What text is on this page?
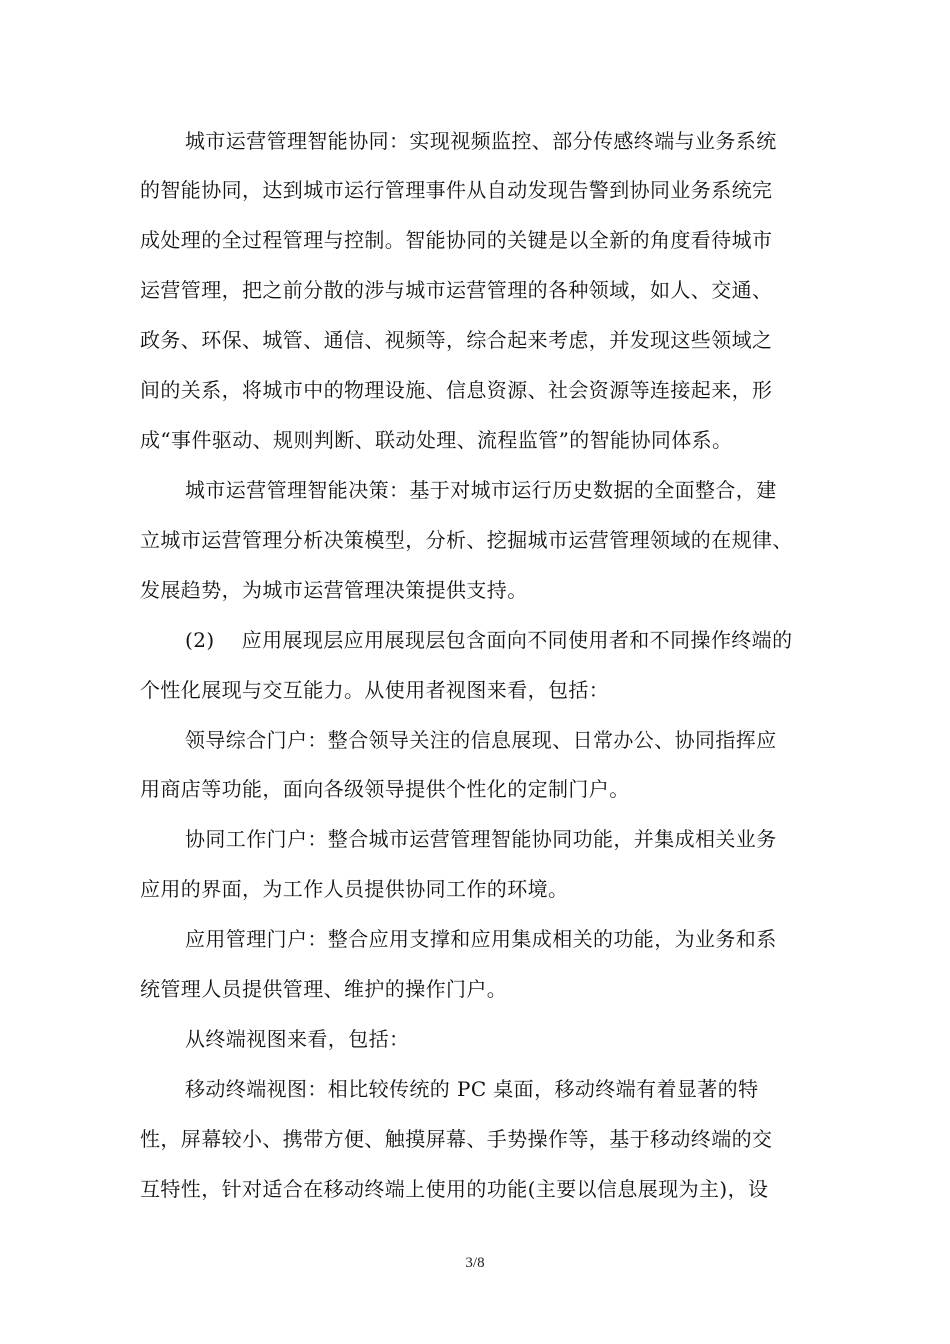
城市运营管理智能协同：实现视频监控、部分传感终端与业务系统
的智能协同，达到城市运行管理事件从自动发现告警到协同业务系统完
成处理的全过程管理与控制。智能协同的关键是以全新的角度看待城市
运营管理，把之前分散的涉与城市运营管理的各种领域，如人、交通、
政务、环保、城管、通信、视频等，综合起来考虑，并发现这些领域之
间的关系，将城市中的物理设施、信息资源、社会资源等连接起来，形
成“事件驱动、规则判断、联动处理、流程监管”的智能协同体系。
城市运营管理智能决策：基于对城市运行历史数据的全面整合，建
立城市运营管理分析决策模型，分析、挖掘城市运营管理领域的在规律、
发展趋势，为城市运营管理决策提供支持。
(2)　 应用展现层应用展现层包含面向不同使用者和不同操作终端的
个性化展现与交互能力。从使用者视图来看，包括：
领导综合门户：整合领导关注的信息展现、日常办公、协同指挥应
用商店等功能，面向各级领导提供个性化的定制门户。
协同工作门户：整合城市运营管理智能协同功能，并集成相关业务
应用的界面，为工作人员提供协同工作的环境。
应用管理门户：整合应用支撑和应用集成相关的功能，为业务和系
统管理人员提供管理、维护的操作门户。
从终端视图来看，包括：
移动终端视图：相比较传统的 PC 桌面，移动终端有着显著的特
性，屏幕较小、携带方便、触摸屏幕、手势操作等，基于移动终端的交
互特性，针对适合在移动终端上使用的功能(主要以信息展现为主)，设
3/8
